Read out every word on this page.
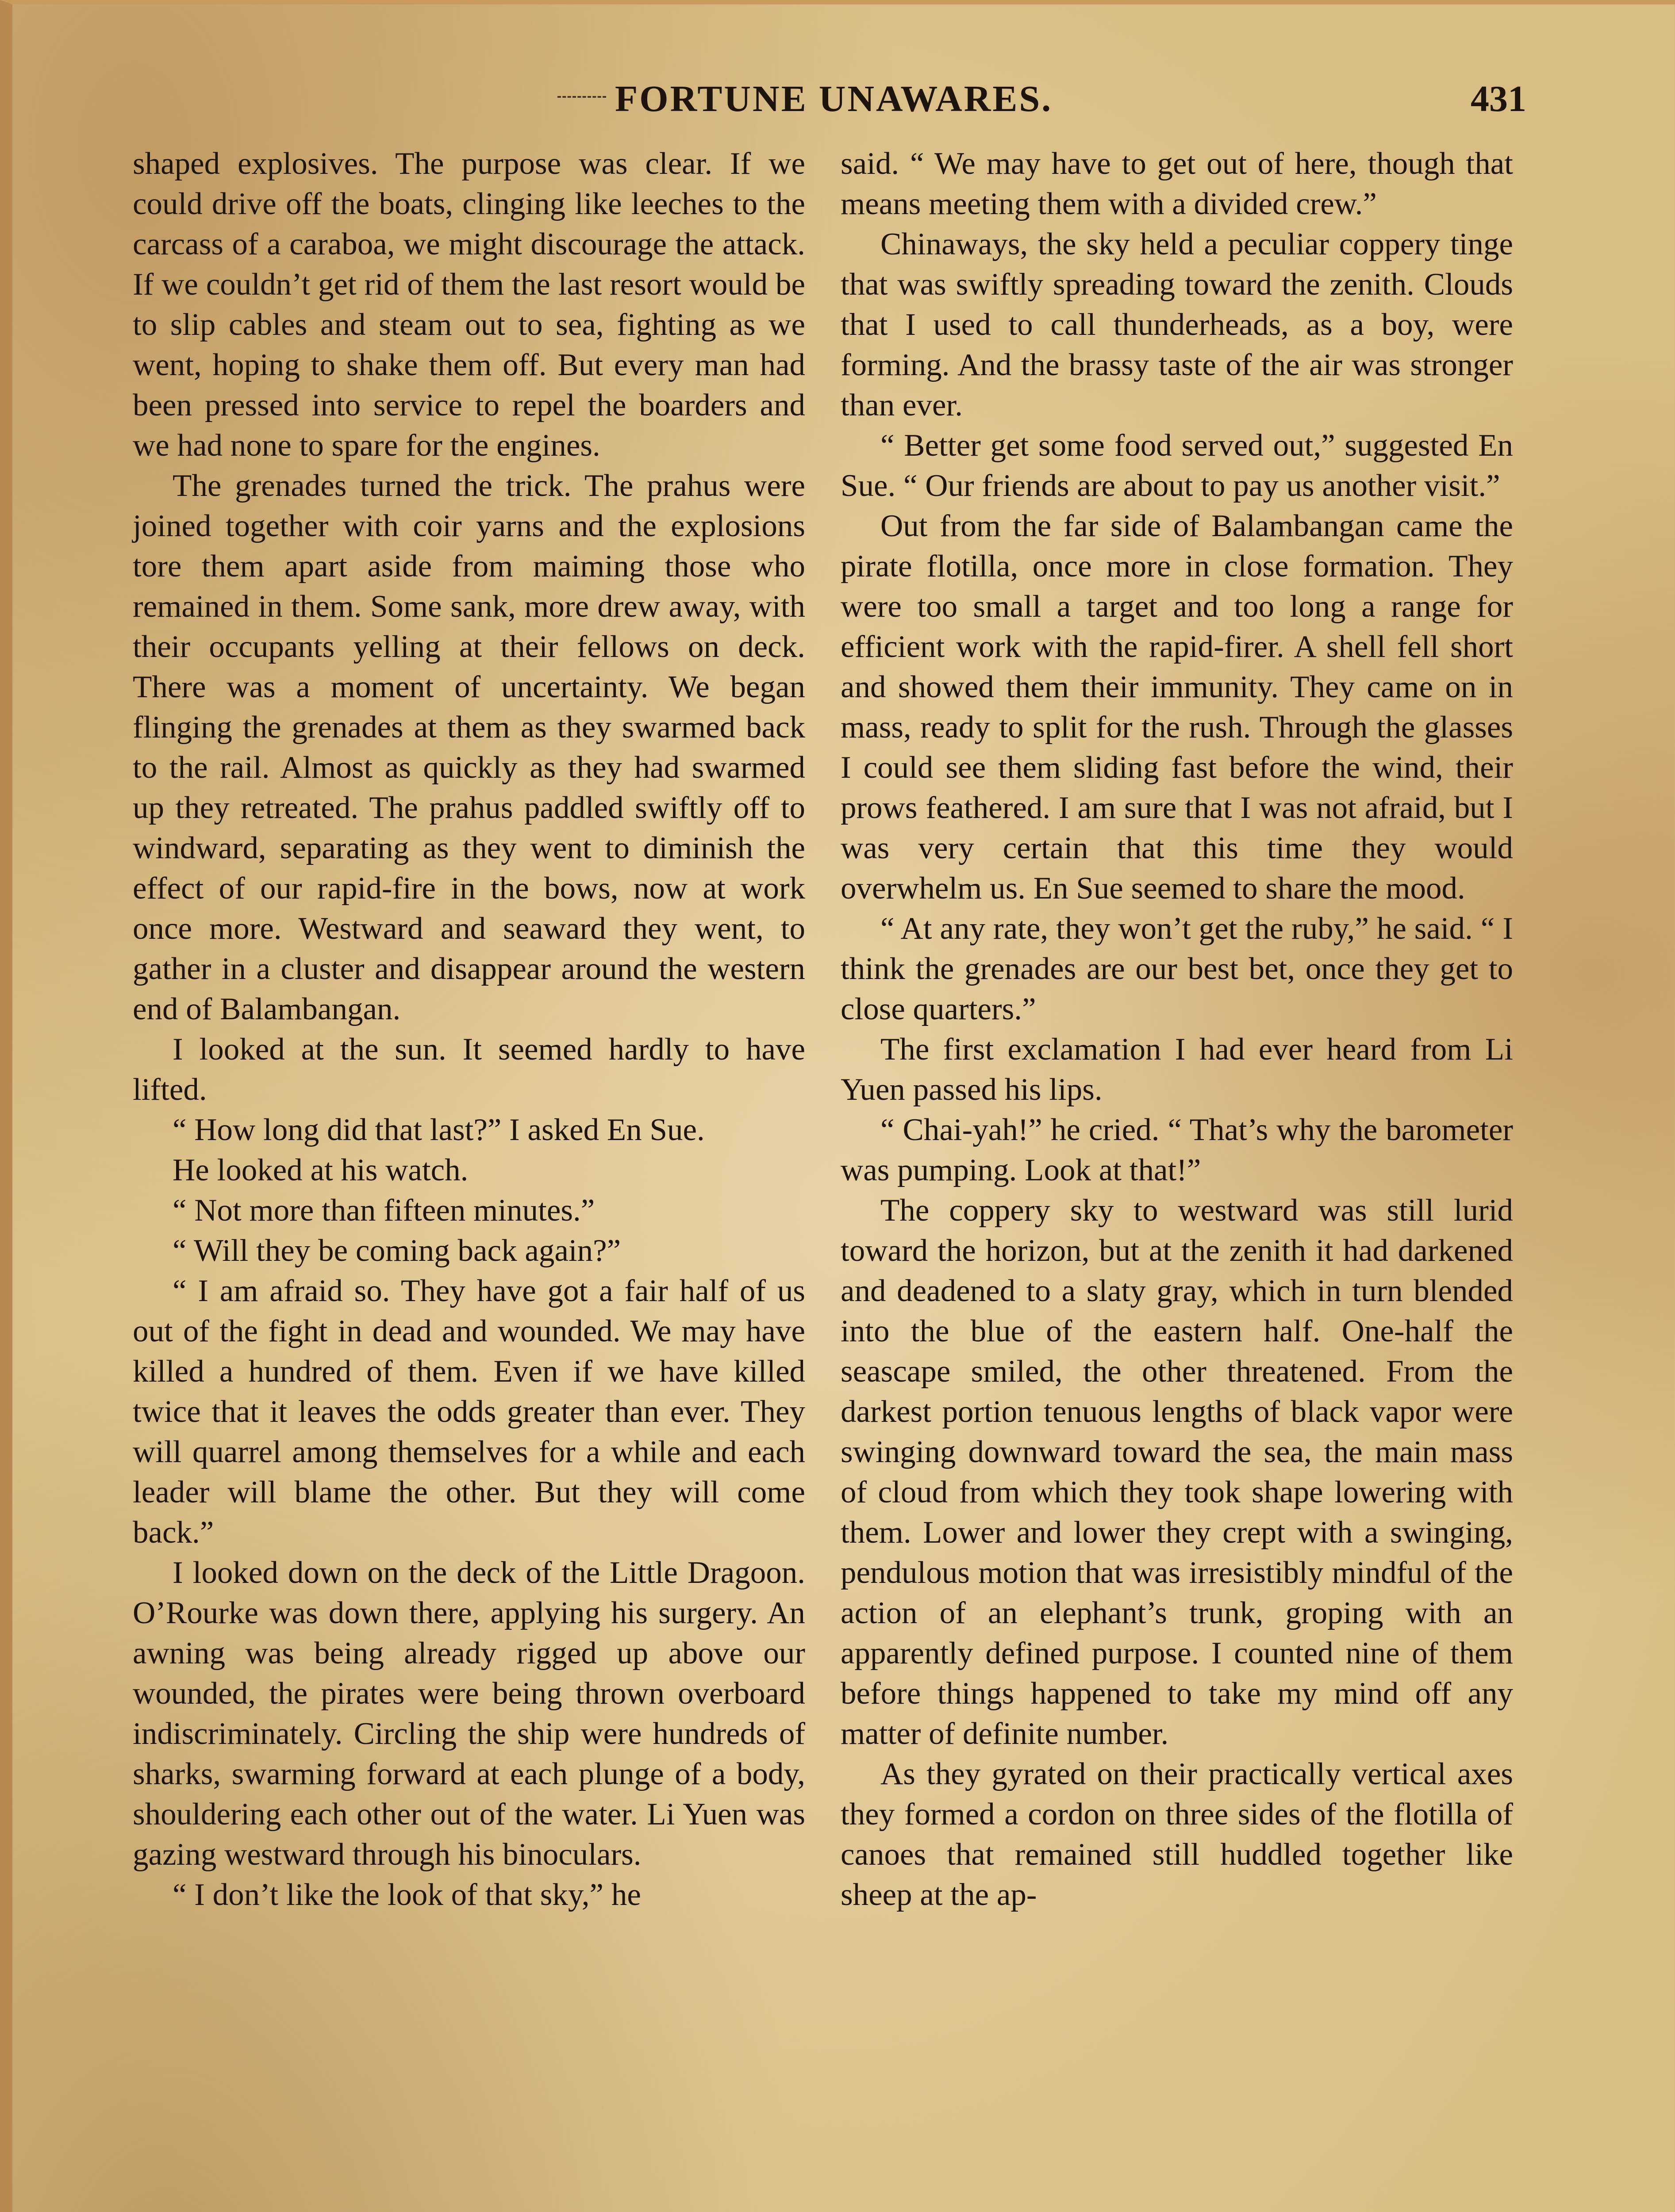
FORTUNE UNAWARES.	431

shaped explosives. The purpose was clear. If we could drive off the boats, clinging like leeches to the carcass of a caraboa, we might discourage the attack. If we couldn’t get rid of them the last resort would be to slip cables and steam out to sea, fighting as we went, hoping to shake them off. But every man had been pressed into service to repel the boarders and we had none to spare for the engines.

The grenades turned the trick. The prahus were joined together with coir yarns and the explosions tore them apart aside from maiming those who remained in them. Some sank, more drew away, with their occupants yelling at their fellows on deck. There was a moment of uncertainty. We began flinging the grenades at them as they swarmed back to the rail. Almost as quickly as they had swarmed up they retreated. The prahus paddled swiftly off to windward, separating as they went to diminish the effect of our rapid-fire in the bows, now at work once more. Westward and seaward they went, to gather in a cluster and disappear around the western end of Balambangan.

I looked at the sun. It seemed hardly to have lifted.

“ How long did that last?” I asked En Sue.

He looked at his watch.

“ Not more than fifteen minutes.”

“ Will they be coming back again?”

“ I am afraid so. They have got a fair half of us out of the fight in dead and wounded. We may have killed a hundred of them. Even if we have killed twice that it leaves the odds greater than ever. They will quarrel among themselves for a while and each leader will blame the other. But they will come back.”

I looked down on the deck of the Little Dragoon. O’Rourke was down there, applying his surgery. An awning was being already rigged up above our wounded, the pirates were being thrown overboard indiscriminately. Circling the ship were hundreds of sharks, swarming forward at each plunge of a body, shouldering each other out of the water. Li Yuen was gazing westward through his binoculars.

“ I don’t like the look of that sky,” he

said. “ We may have to get out of here, though that means meeting them with a divided crew.”

Chinaways, the sky held a peculiar coppery tinge that was swiftly spreading toward the zenith. Clouds that I used to call thunderheads, as a boy, were forming. And the brassy taste of the air was stronger than ever.

“ Better get some food served out,” suggested En Sue. “ Our friends are about to pay us another visit.”

Out from the far side of Balambangan came the pirate flotilla, once more in close formation. They were too small a target and too long a range for efficient work with the rapid-firer. A shell fell short and showed them their immunity. They came on in mass, ready to split for the rush. Through the glasses I could see them sliding fast before the wind, their prows feathered. I am sure that I was not afraid, but I was very certain that this time they would overwhelm us. En Sue seemed to share the mood.

“ At any rate, they won’t get the ruby,” he said. “ I think the grenades are our best bet, once they get to close quarters.”

The first exclamation I had ever heard from Li Yuen passed his lips.

“ Chai-yah!” he cried. “ That’s why the barometer was pumping. Look at that!”

The coppery sky to westward was still lurid toward the horizon, but at the zenith it had darkened and deadened to a slaty gray, which in turn blended into the blue of the eastern half. One-half the seascape smiled, the other threatened. From the darkest portion tenuous lengths of black vapor were swinging downward toward the sea, the main mass of cloud from which they took shape lowering with them. Lower and lower they crept with a swinging, pendulous motion that was irresistibly mindful of the action of an elephant’s trunk, groping with an apparently defined purpose. I counted nine of them before things happened to take my mind off any matter of definite number.

As they gyrated on their practically vertical axes they formed a cordon on three sides of the flotilla of canoes that remained still huddled together like sheep at the ap-
